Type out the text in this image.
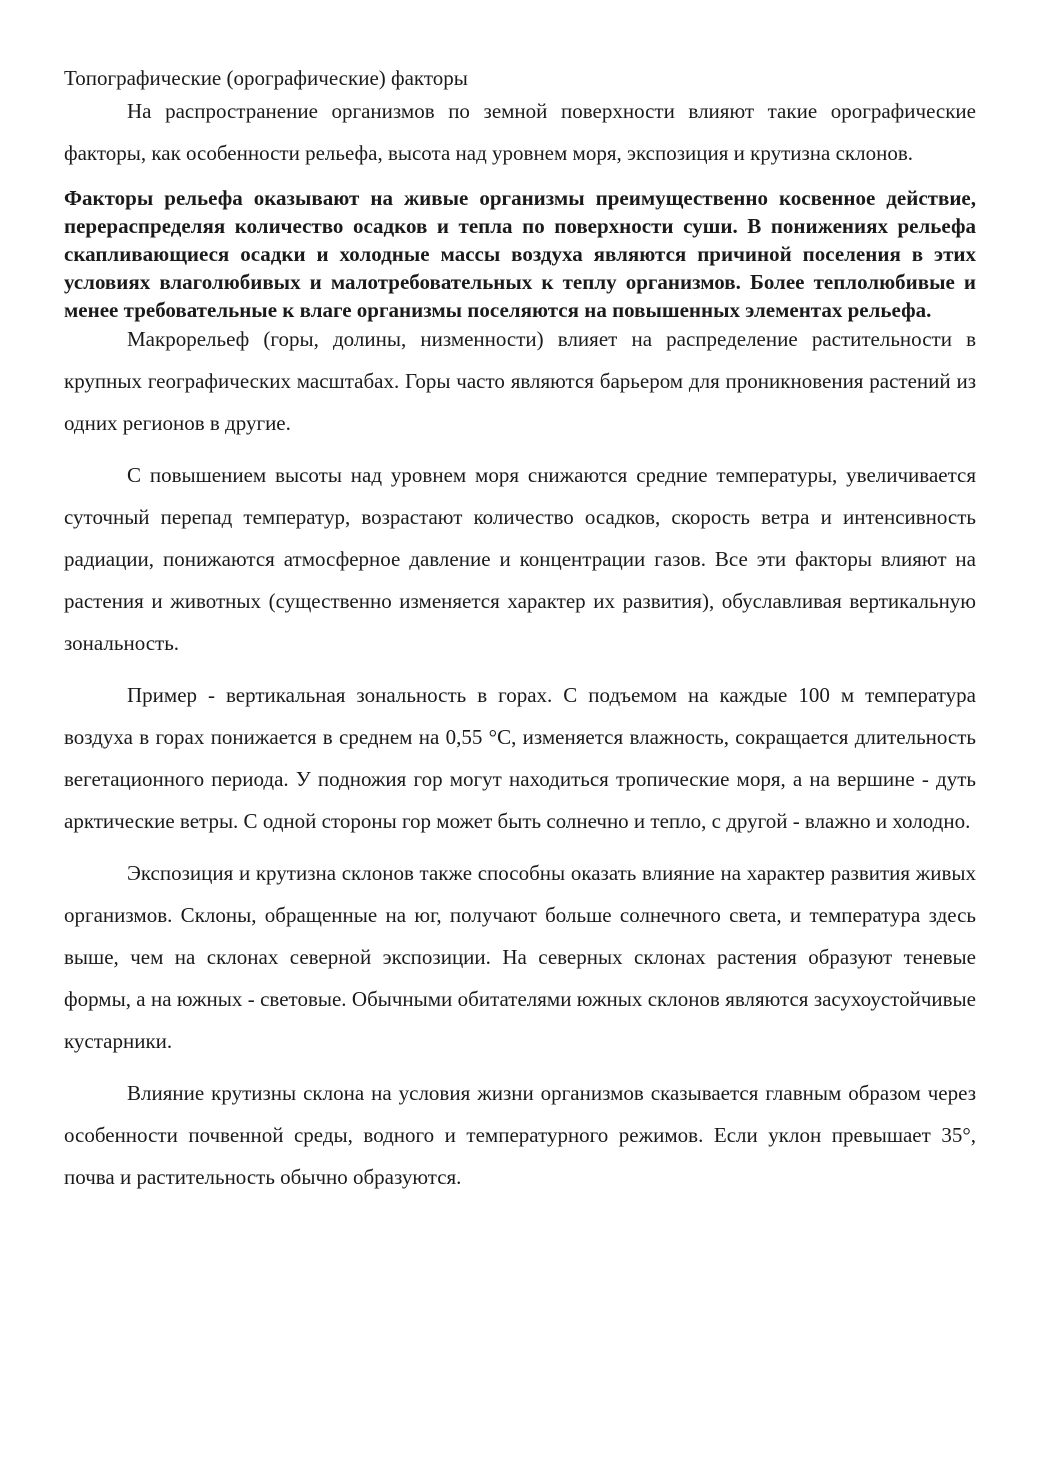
Топографические (орографические) факторы

На распространение организмов по земной поверхности влияют такие орографические факторы, как особенности рельефа, высота над уровнем моря, экспозиция и крутизна склонов.

Факторы рельефа оказывают на живые организмы преимущественно косвенное действие, перераспределяя количество осадков и тепла по поверхности суши. В понижениях рельефа скапливающиеся осадки и холодные массы воздуха являются причиной поселения в этих условиях влаголюбивых и малотребовательных к теплу организмов. Более теплолюбивые и менее требовательные к влаге организмы поселяются на повышенных элементах рельефа.

Макрорельеф (горы, долины, низменности) влияет на распределение растительности в крупных географических масштабах. Горы часто являются барьером для проникновения растений из одних регионов в другие.

С повышением высоты над уровнем моря снижаются средние температуры, увеличивается суточный перепад температур, возрастают количество осадков, скорость ветра и интенсивность радиации, понижаются атмосферное давление и концентрации газов. Все эти факторы влияют на растения и животных (существенно изменяется характер их развития), обуславливая вертикальную зональность.

Пример - вертикальная зональность в горах. С подъемом на каждые 100 м температура воздуха в горах понижается в среднем на 0,55 °С, изменяется влажность, сокращается длительность вегетационного периода. У подножия гор могут находиться тропические моря, а на вершине - дуть арктические ветры. С одной стороны гор может быть солнечно и тепло, с другой - влажно и холодно.

Экспозиция и крутизна склонов также способны оказать влияние на характер развития живых организмов. Склоны, обращенные на юг, получают больше солнечного света, и температура здесь выше, чем на склонах северной экспозиции. На северных склонах растения образуют теневые формы, а на южных - световые. Обычными обитателями южных склонов являются засухоустойчивые кустарники.

Влияние крутизны склона на условия жизни организмов сказывается главным образом через особенности почвенной среды, водного и температурного режимов. Если уклон превышает 35°, почва и растительность обычно образуются.
